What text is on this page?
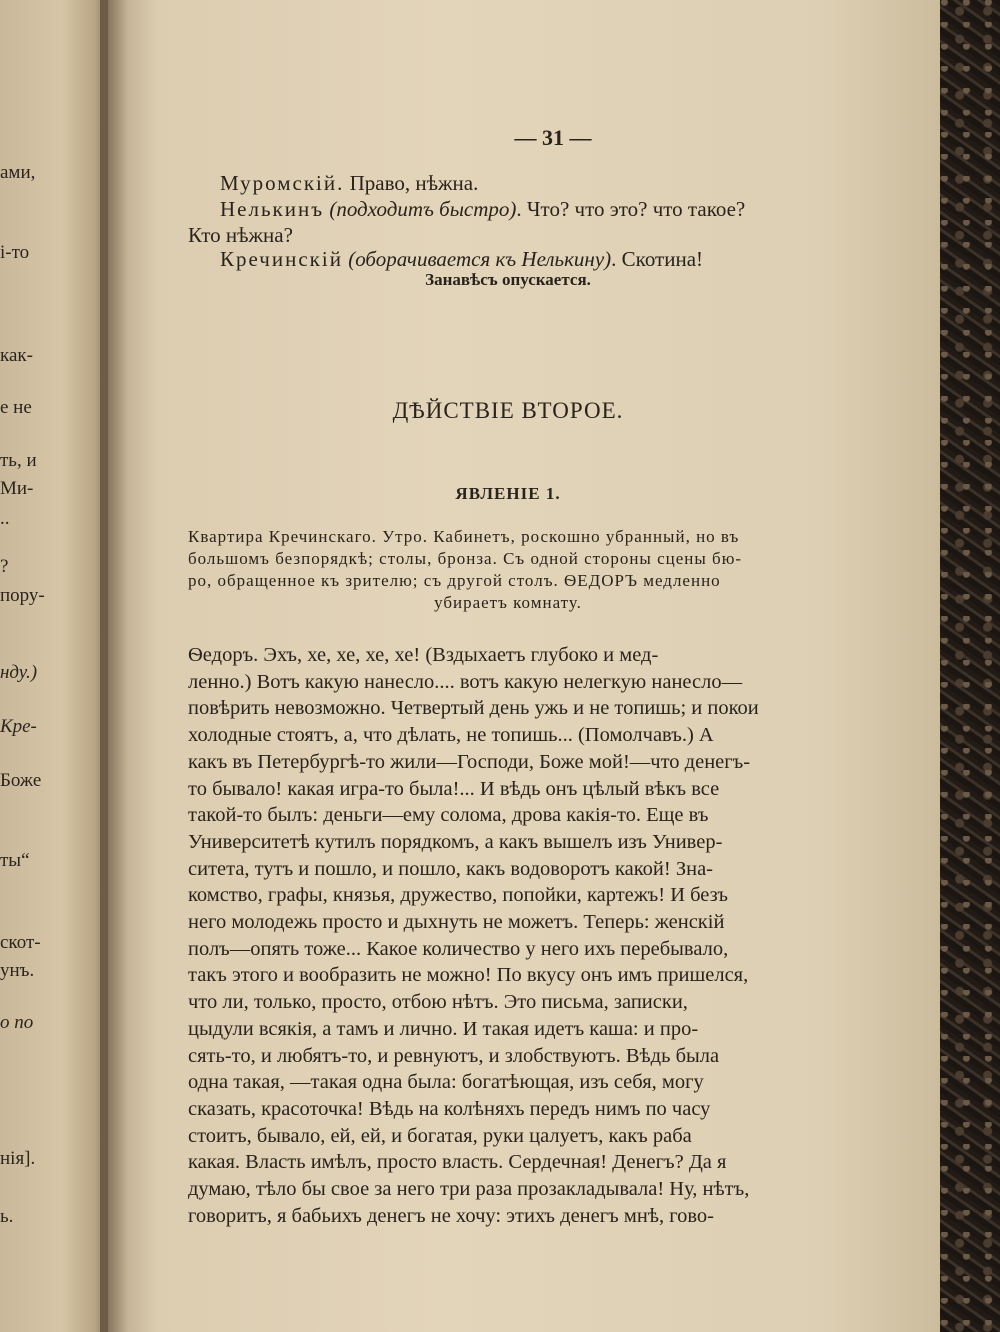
ами,
і-то
как-
е не
ть, и
Ми-
..
?
пору-
нду.)
Кре-
Боже
ты“
скот-
унъ.
о по
нія].
ь.
— 31 —
Муромскій. Право, нѣжна.
Нелькинъ (подходитъ быстро). Что? что это? что такое?
Кто нѣжна?
Кречинскій (оборачивается къ Нелькину). Скотина!
Занавѣсъ опускается.
ДѢЙСТВІЕ ВТОРОЕ.
ЯВЛЕНІЕ 1.
Квартира Кречинскаго. Утро. Кабинетъ, роскошно убранный, но въ
большомъ безпорядкѣ; столы, бронза. Съ одной стороны сцены бю-
ро, обращенное къ зрителю; съ другой столъ. ѲЕДОРЪ медленно
убираетъ комнату.
Ѳедоръ. Эхъ, хе, хе, хе, хе! (Вздыхаетъ глубоко и мед-
ленно.) Вотъ какую нанесло.... вотъ какую нелегкую нанесло—
повѣрить невозможно. Четвертый день ужь и не топишь; и покои
холодные стоятъ, а, что дѣлать, не топишь... (Помолчавъ.) А
какъ въ Петербургѣ-то жили—Господи, Боже мой!—что денегъ-
то бывало! какая игра-то была!... И вѣдь онъ цѣлый вѣкъ все
такой-то былъ: деньги—ему солома, дрова какія-то. Еще въ
Университетѣ кутилъ порядкомъ, а какъ вышелъ изъ Универ-
ситета, тутъ и пошло, и пошло, какъ водоворотъ какой! Зна-
комство, графы, князья, дружество, попойки, картежъ! И безъ
него молодежь просто и дыхнуть не можетъ. Теперь: женскій
полъ—опять тоже... Какое количество у него ихъ перебывало,
такъ этого и вообразить не можно! По вкусу онъ имъ пришелся,
что ли, только, просто, отбою нѣтъ. Это письма, записки,
цыдули всякія, а тамъ и лично. И такая идетъ каша: и про-
сять-то, и любятъ-то, и ревнуютъ, и злобствуютъ. Вѣдь была
одна такая, —такая одна была: богатѣющая, изъ себя, могу
сказать, красоточка! Вѣдь на колѣняхъ передъ нимъ по часу
стоитъ, бывало, ей, ей, и богатая, руки цалуетъ, какъ раба
какая. Власть имѣлъ, просто власть. Сердечная! Денегъ? Да я
думаю, тѣло бы свое за него три раза прозакладывала! Ну, нѣтъ,
говоритъ, я бабьихъ денегъ не хочу: этихъ денегъ мнѣ, гово-
